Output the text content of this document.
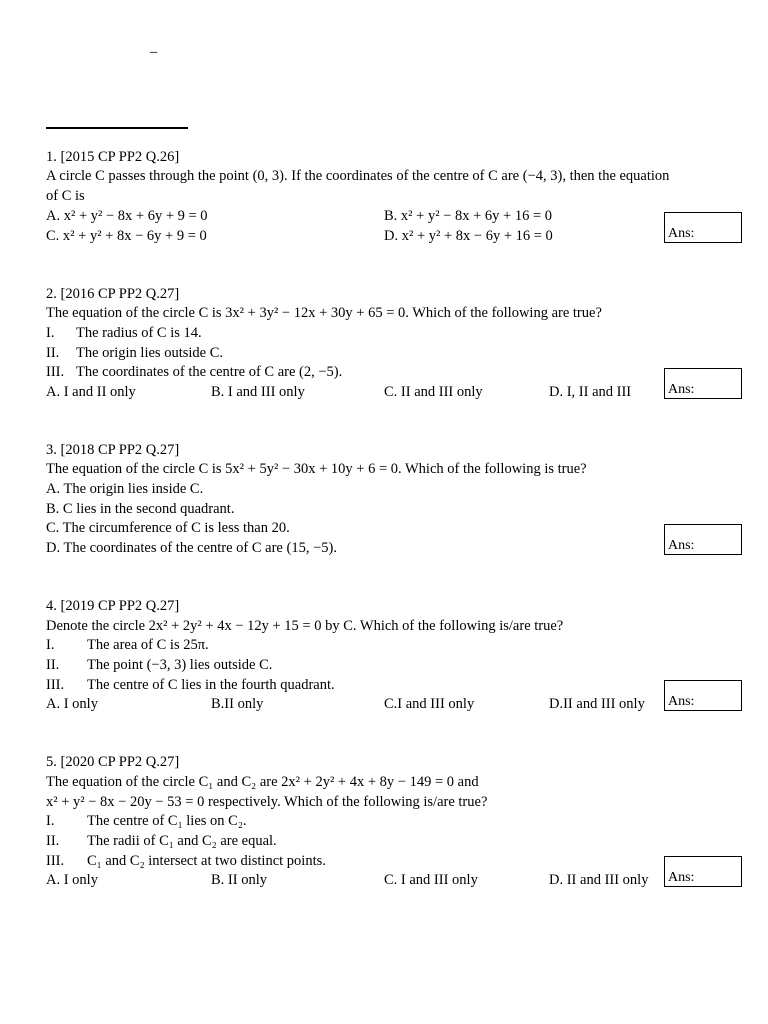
–
1. [2015 CP PP2 Q.26]
A circle C passes through the point (0, 3). If the coordinates of the centre of C are (−4, 3), then the equation
of C is
A. x² + y² − 8x + 6y + 9 = 0	B. x² + y² − 8x + 6y + 16 = 0
C. x² + y² + 8x − 6y + 9 = 0	D. x² + y² + 8x − 6y + 16 = 0	Ans:
2. [2016 CP PP2 Q.27]
The equation of the circle C is 3x² + 3y² − 12x + 30y + 65 = 0. Which of the following are true?
I. The radius of C is 14.
II. The origin lies outside C.
III. The coordinates of the centre of C are (2, −5).
A. I and II only	B. I and III only	C. II and III only	D. I, II and III	Ans:
3. [2018 CP PP2 Q.27]
The equation of the circle C is 5x² + 5y² − 30x + 10y + 6 = 0. Which of the following is true?
A. The origin lies inside C.
B. C lies in the second quadrant.
C. The circumference of C is less than 20.
D. The coordinates of the centre of C are (15, −5).	Ans:
4. [2019 CP PP2 Q.27]
Denote the circle 2x² + 2y² + 4x − 12y + 15 = 0 by C. Which of the following is/are true?
I. The area of C is 25π.
II. The point (−3, 3) lies outside C.
III. The centre of C lies in the fourth quadrant.
A. I only	B.II only	C.I and III only	D.II and III only Ans:
5. [2020 CP PP2 Q.27]
The equation of the circle C₁ and C₂ are 2x² + 2y² + 4x + 8y − 149 = 0 and
x² + y² − 8x − 20y − 53 = 0 respectively. Which of the following is/are true?
I. The centre of C₁ lies on C₂.
II. The radii of C₁ and C₂ are equal.
III. C₁ and C₂ intersect at two distinct points.
A. I only	B. II only	C. I and III only	D. II and III only Ans:
